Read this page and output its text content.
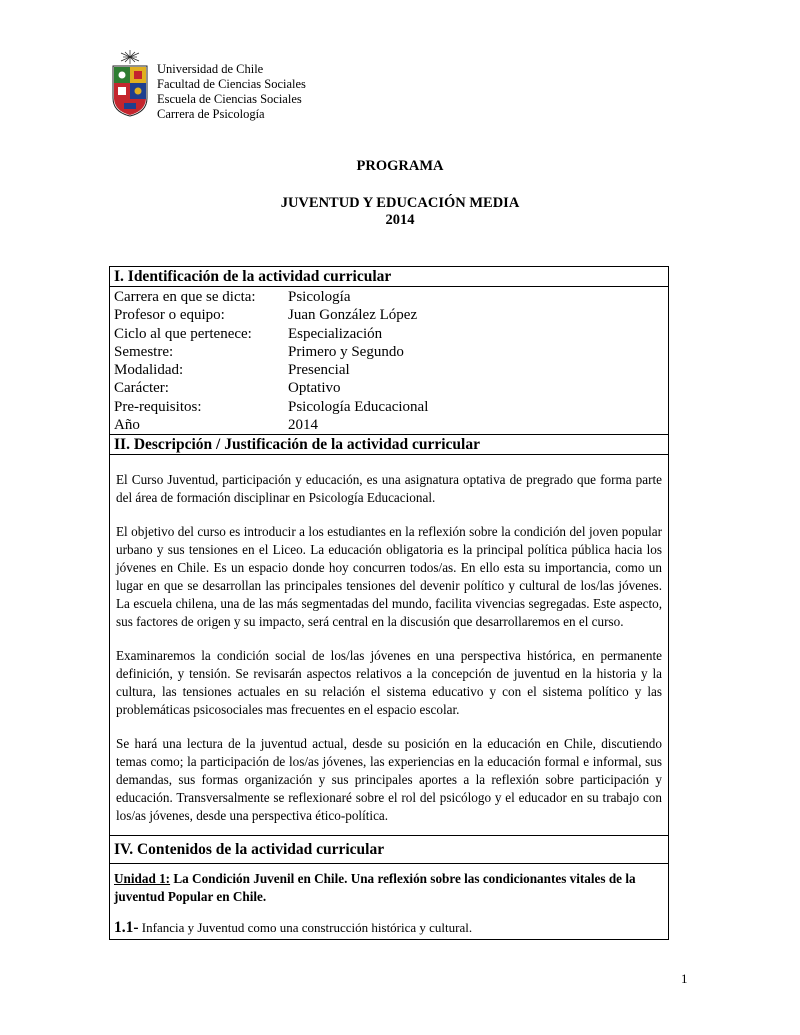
Universidad de Chile
Facultad de Ciencias Sociales
Escuela de Ciencias Sociales
Carrera de Psicología
PROGRAMA
JUVENTUD Y EDUCACIÓN MEDIA
2014
I. Identificación de la actividad curricular
Carrera en que se dicta:	Psicología
Profesor o equipo:	Juan González López
Ciclo al que pertenece:	Especialización
Semestre:	Primero y Segundo
Modalidad:	Presencial
Carácter:	Optativo
Pre-requisitos:	Psicología Educacional
Año	2014
II. Descripción / Justificación de la actividad curricular

El Curso Juventud, participación y educación, es una asignatura optativa de pregrado que forma parte del área de formación disciplinar en Psicología Educacional.

El objetivo del curso es introducir a los estudiantes en la reflexión sobre la condición del joven popular urbano y sus tensiones en el Liceo. La educación obligatoria es la principal política pública hacia los jóvenes en Chile. Es un espacio donde hoy concurren todos/as. En ello esta su importancia, como un lugar en que se desarrollan las principales tensiones del devenir político y cultural de los/las jóvenes. La escuela chilena, una de las más segmentadas del mundo, facilita vivencias segregadas. Este aspecto, sus factores de origen y su impacto, será central en la discusión que desarrollaremos en el curso.

Examinaremos la condición social de los/las jóvenes en una perspectiva histórica, en permanente definición, y tensión. Se revisarán aspectos relativos a la concepción de juventud en la historia y la cultura, las tensiones actuales en su relación el sistema educativo y con el sistema político y las problemáticas psicosociales mas frecuentes en el espacio escolar.

Se hará una lectura de la juventud actual, desde su posición en la educación en Chile, discutiendo temas como; la participación de los/as jóvenes, las experiencias en la educación formal e informal, sus demandas, sus formas organización y sus principales aportes a la reflexión sobre participación y educación. Transversalmente se reflexionaré sobre el rol del psicólogo y el educador en su trabajo con los/as jóvenes, desde una perspectiva ético-política.

IV. Contenidos de la actividad curricular
Unidad 1: La Condición Juvenil en Chile. Una reflexión sobre las condicionantes vitales de la juventud Popular en Chile.
1.1- Infancia y Juventud como una construcción histórica y cultural.
1
